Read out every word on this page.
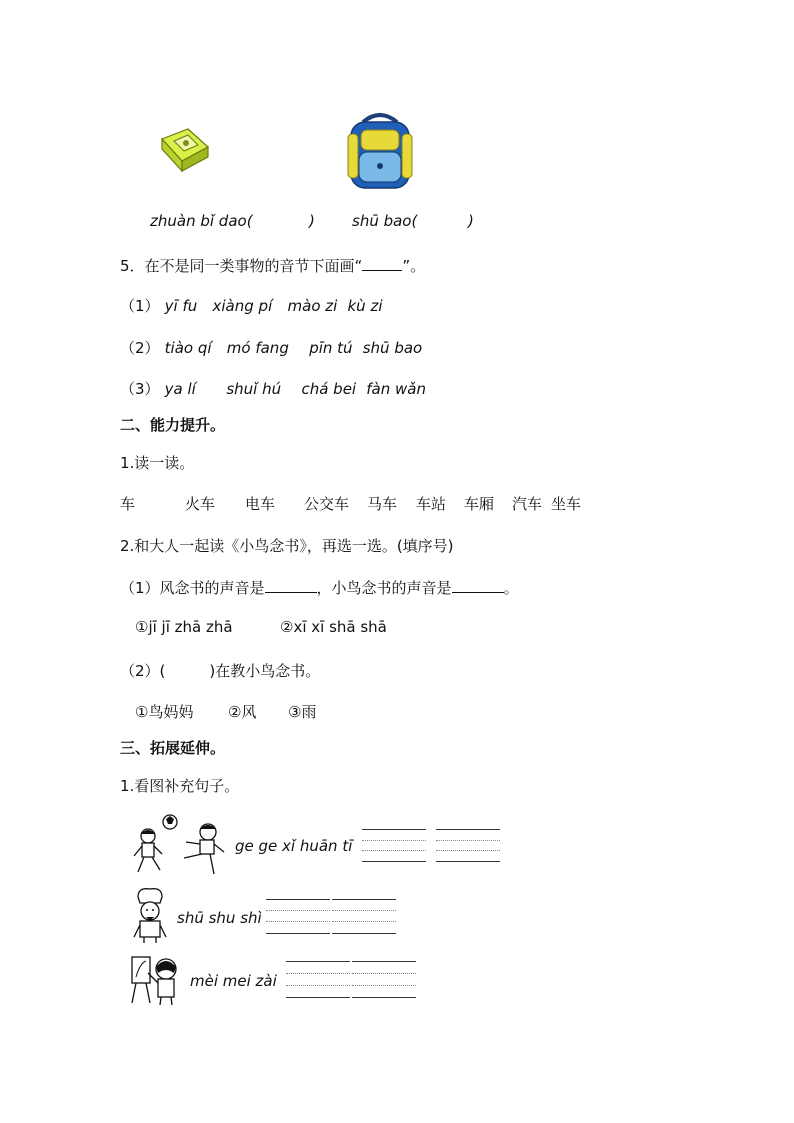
zhuàn bǐ dao(	) shū bao(	)
5．在不是同一类事物的音节下面画“	”。
（1） yī fu xiàng pí mào zi kù zi
（2） tiào qí mó fang pīn tú shū bao
（3） ya lí shuǐ hú chá bei fàn wǎn
二、能力提升。
1.读一读。
车	火车 电车 公交车 马车 车站 车厢 汽车 坐车
2.和大人一起读《小鸟念书》，再选一选。(填序号)
（1）风念书的声音是	，小鸟念书的声音是	。
①jī jī zhā zhā	②xī xī shā shā
（2）(	)在教小鸟念书。
①鸟妈妈 ②风 ③雨
三、拓展延伸。
1.看图补充句子。
ge ge xǐ huān tī
shū shu shì
mèi mei zài
